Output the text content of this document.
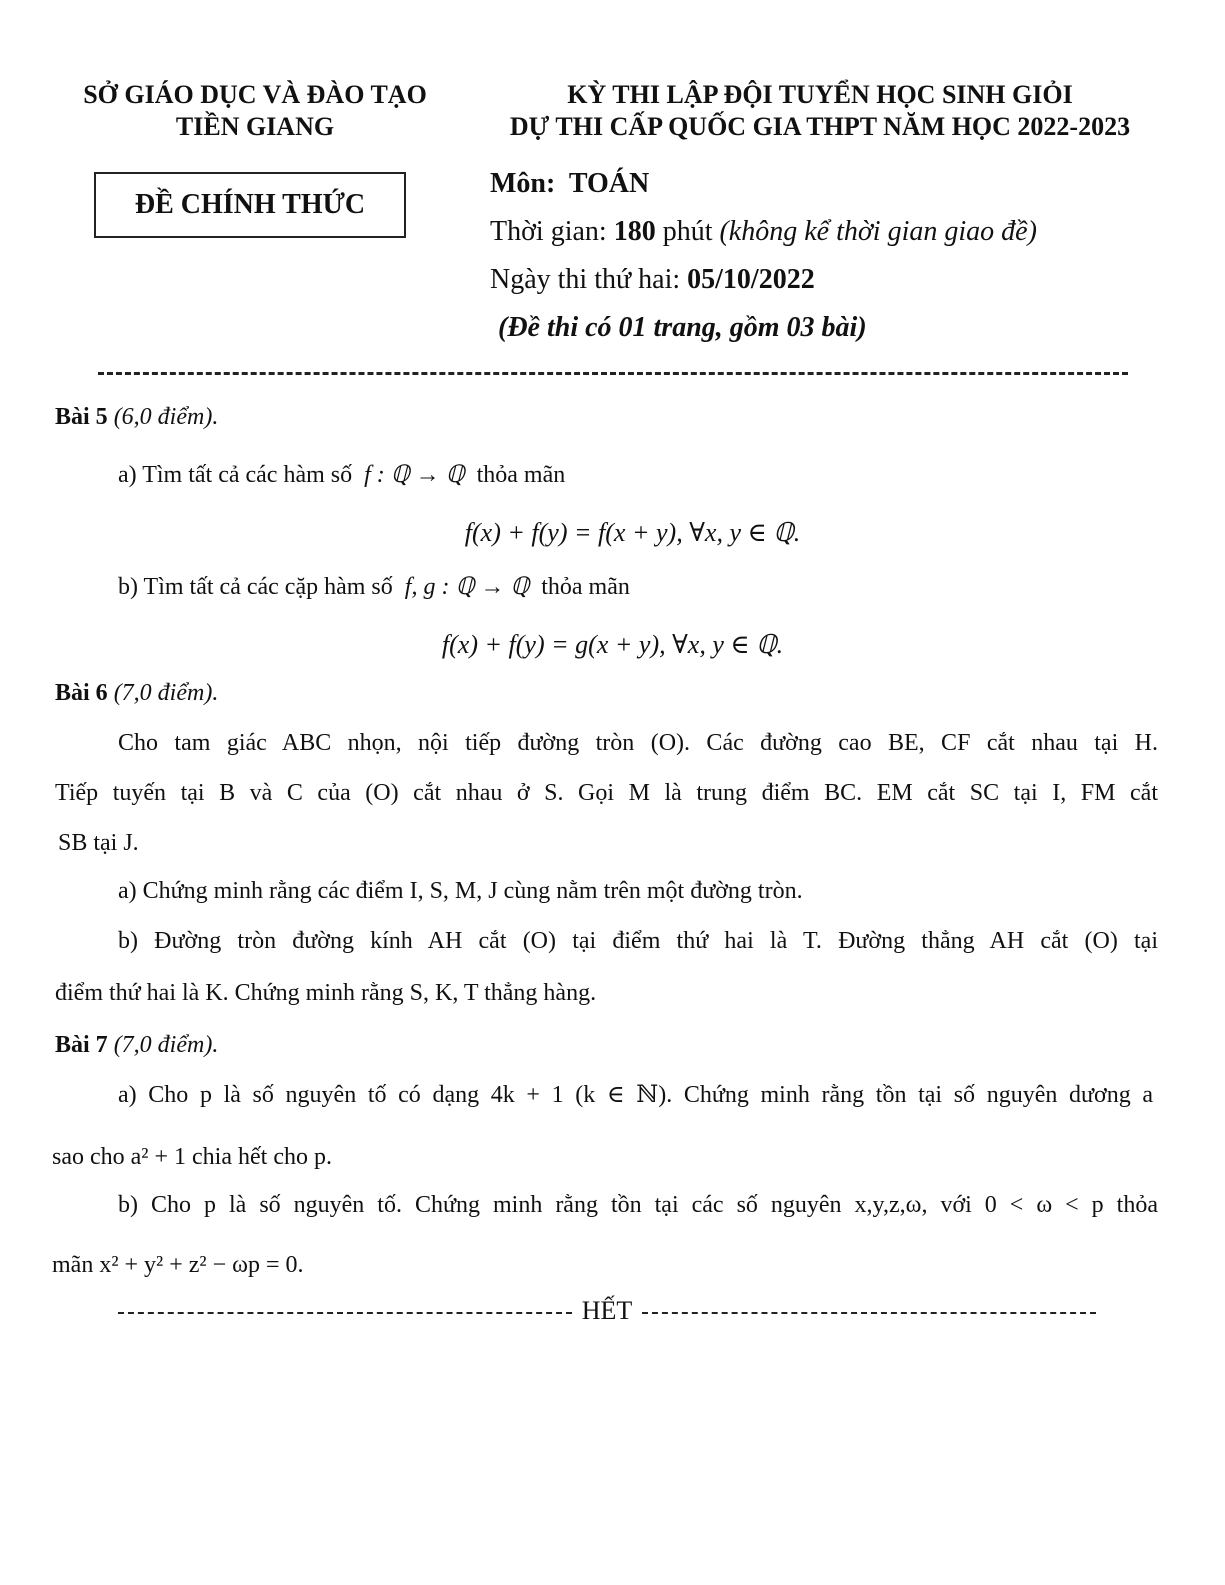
SỞ GIÁO DỤC VÀ ĐÀO TẠO
TIỀN GIANG
KỲ THI LẬP ĐỘI TUYỂN HỌC SINH GIỎI
DỰ THI CẤP QUỐC GIA THPT NĂM HỌC 2022-2023
ĐỀ CHÍNH THỨC
Môn: TOÁN
Thời gian: 180 phút (không kể thời gian giao đề)
Ngày thi thứ hai: 05/10/2022
(Đề thi có 01 trang, gồm 03 bài)
Bài 5 (6,0 điểm).
a) Tìm tất cả các hàm số f : ℚ → ℚ thỏa mãn
f(x) + f(y) = f(x + y), ∀x, y ∈ ℚ.
b) Tìm tất cả các cặp hàm số f, g : ℚ → ℚ thỏa mãn
f(x) + f(y) = g(x + y), ∀x, y ∈ ℚ.
Bài 6 (7,0 điểm).
Cho tam giác ABC nhọn, nội tiếp đường tròn (O). Các đường cao BE, CF cắt nhau tại H.
Tiếp tuyến tại B và C của (O) cắt nhau ở S. Gọi M là trung điểm BC. EM cắt SC tại I, FM cắt
SB tại J.
a) Chứng minh rằng các điểm I, S, M, J cùng nằm trên một đường tròn.
b) Đường tròn đường kính AH cắt (O) tại điểm thứ hai là T. Đường thẳng AH cắt (O) tại
điểm thứ hai là K. Chứng minh rằng S, K, T thẳng hàng.
Bài 7 (7,0 điểm).
a) Cho p là số nguyên tố có dạng 4k + 1 (k ∈ ℕ). Chứng minh rằng tồn tại số nguyên dương a
sao cho a² + 1 chia hết cho p.
b) Cho p là số nguyên tố. Chứng minh rằng tồn tại các số nguyên x,y,z,ω, với 0 < ω < p thỏa
mãn x² + y² + z² − ωp = 0.
HẾT
